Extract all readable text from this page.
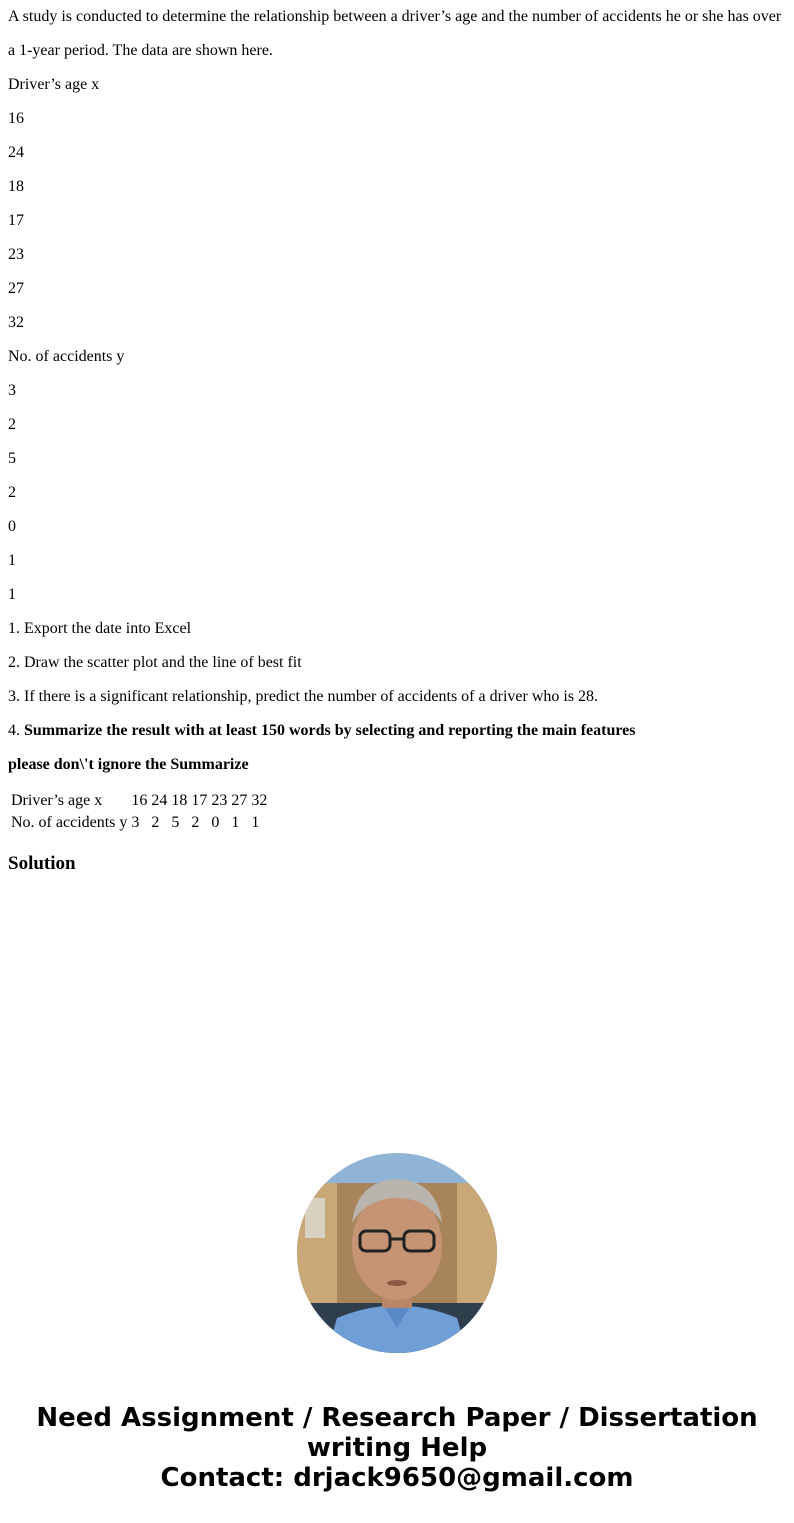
A study is conducted to determine the relationship between a driver’s age and the number of accidents he or she has over

a 1-year period. The data are shown here.

Driver’s age x

16

24

18

17

23

27

32

No. of accidents y

3

2

5

2

0

1

1

1. Export the date into Excel

2. Draw the scatter plot and the line of best fit

3. If there is a significant relationship, predict the number of accidents of a driver who is 28.

4. Summarize the result with at least 150 words by selecting and reporting the main features

please don\'t ignore the Summarize

Driver’s age x	16	24	18	17	23	27	32
No. of accidents y	3	2	5	2	0	1	1
Solution
Need Assignment / Research Paper / Dissertation
writing Help
Contact: drjack9650@gmail.com
